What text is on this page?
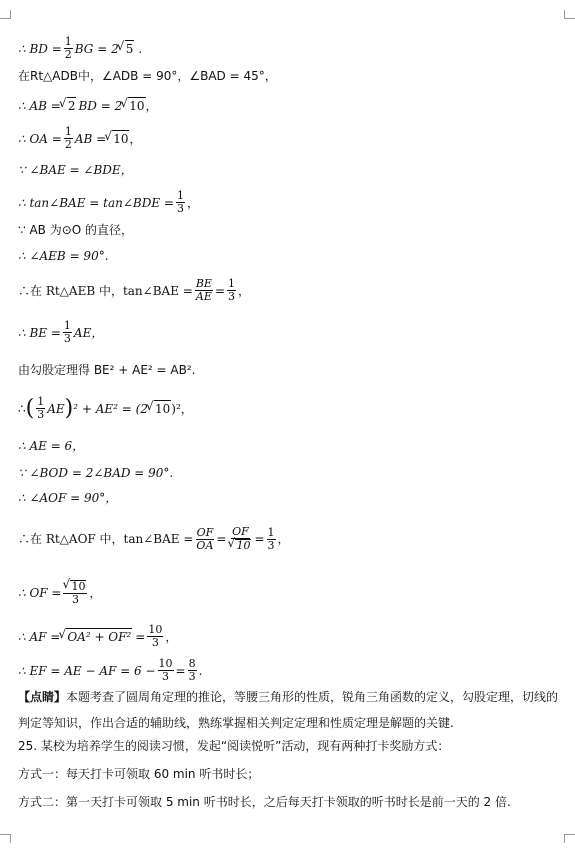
∴ BD = $\frac{1}{2}$ BG = 2 √ 5 .
在Rt△ADB中，∠ADB = 90°，∠BAD = 45°，
∴ AB = √ 2 BD = 2 √ 10 ，
∴ OA = $\frac{1}{2}$ AB = √ 10 ，
∵ ∠BAE = ∠BDE，
∴ tan∠BAE = tan∠BDE = $\frac{1}{3}$ ，
∵ AB 为⊙O 的直径，
∴ ∠AEB = 90°.
∴在 Rt△AEB 中，tan∠BAE = $\frac{BE}{AE} = \frac{1}{3}$ ，
∴ BE = $\frac{1}{3}$ AE，
由勾股定理得 BE² + AE² = AB².
∴ ( $\frac{1}{3}$ AE ) ² + AE² = (2 √ 10 )²，
∴ AE = 6，
∵ ∠BOD = 2∠BAD = 90°.
∴ ∠AOF = 90°，
∴在 Rt△AOF 中，tan∠BAE = $\frac{OF}{OA}$ = OF
√ $10 = \frac{1}{3}$ ，
∴ OF = √ $\frac{10}{3}$ ，
∴ AF = √ $OA^2 + OF^2 = \frac{10}{3}$ ，
∴ EF = AE − AF = $6 - \frac{10}{3} = \frac{8}{3}$ .
【点睛】本题考查了圆周角定理的推论，等腰三角形的性质，锐角三角函数的定义，勾股定理，切线的判定等知识，作出合适的辅助线，熟练掌握相关判定定理和性质定理是解题的关键.
25. 某校为培养学生的阅读习惯，发起“阅读悦听”活动，现有两种打卡奖励方式：
方式一：每天打卡可领取 60 min 听书时长；
方式二：第一天打卡可领取 5 min 听书时长，之后每天打卡领取的听书时长是前一天的 2 倍.
